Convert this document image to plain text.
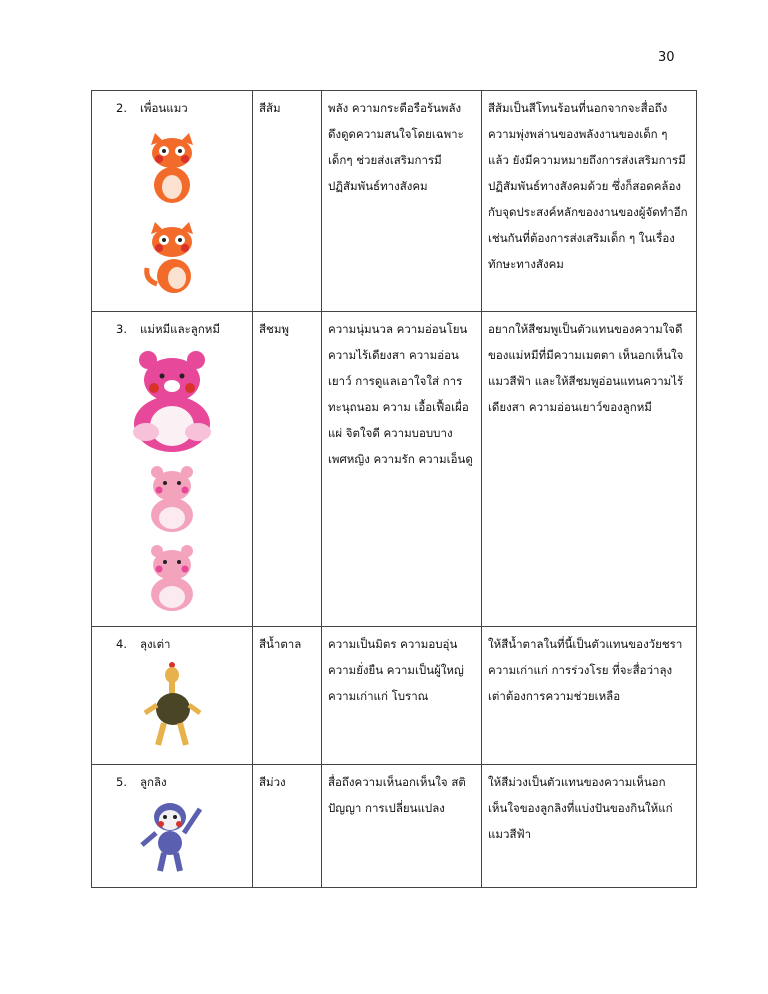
30
2. เพื่อนแมว	สีส้ม	พลัง ความกระตือรือร้นพลัง ดึงดูดความสนใจโดยเฉพาะ เด็กๆ ช่วยส่งเสริมการมี ปฏิสัมพันธ์ทางสังคม	สีส้มเป็นสีโทนร้อนที่นอกจากจะสื่อถึงความพุ่งพล่านของพลังงานของเด็ก ๆ แล้ว ยังมีความหมายถึงการส่งเสริมการมีปฏิสัมพันธ์ทางสังคมด้วย ซึ่งก็สอดคล้องกับจุดประสงค์หลักของงานของผู้จัดทำอีกเช่นกันที่ต้องการส่งเสริมเด็ก ๆ ในเรื่องทักษะทางสังคม

3. แม่หมีและลูกหมี	สีชมพู	ความนุ่มนวล ความอ่อนโยน ความไร้เดียงสา ความอ่อน เยาว์ การดูแลเอาใจใส่ การ ทะนุถนอม ความ เอื้อเฟื้อเผื่อแผ่ จิตใจดี ความบอบบาง เพศหญิง ความรัก ความเอ็นดู	อยากให้สีชมพูเป็นตัวแทนของความใจดีของแม่หมีที่มีความเมตตา เห็นอกเห็นใจแมวสีฟ้า และให้สีชมพูอ่อนแทนความไร้เดียงสา ความอ่อนเยาว์ของลูกหมี

4. ลุงเต่า	สีน้ำตาล	ความเป็นมิตร ความอบอุ่น ความยั่งยืน ความเป็นผู้ใหญ่ ความเก่าแก่ โบราณ	ให้สีน้ำตาลในที่นี้เป็นตัวแทนของวัยชรา ความเก่าแก่ การร่วงโรย ที่จะสื่อว่าลุงเต่าต้องการความช่วยเหลือ

5. ลูกลิง	สีม่วง	สื่อถึงความเห็นอกเห็นใจ สติปัญญา การเปลี่ยนแปลง	ให้สีม่วงเป็นตัวแทนของความเห็นอกเห็นใจของลูกลิงที่แบ่งปันของกินให้แก่แมวสีฟ้า
